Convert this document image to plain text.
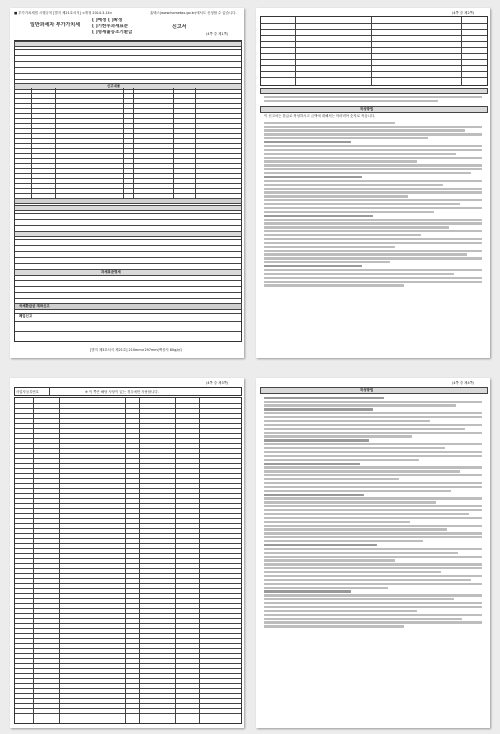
■ 부가가치세법 시행규칙 [별지 제21호서식] <개정 2014.3.14>	홈택스(www.hometax.go.kr)에서도 신청할 수 있습니다.
(4쪽 중 제1쪽)
일반과세자 부가가치세
[ ]예정 [ ]확정
[ ]기한후과세표준
[ ]영세율등조기환급
신고서
신고내용
과세표준명세
국세환급금 계좌신고
폐업신고
[별지 제3호서식 제21호] 210mm×297mm(백상지 80g/㎡)
(4쪽 중 제2쪽)
작성방법
이 신고서는 한글로 작성하시고 금액에 대해서는 아라비아 숫자로 적습니다.
(4쪽 중 제3쪽)
사업자등록번호	※ 이 쪽은 해당 사항이 있는 경우에만 사용합니다.
(4쪽 중 제4쪽)
작성방법
